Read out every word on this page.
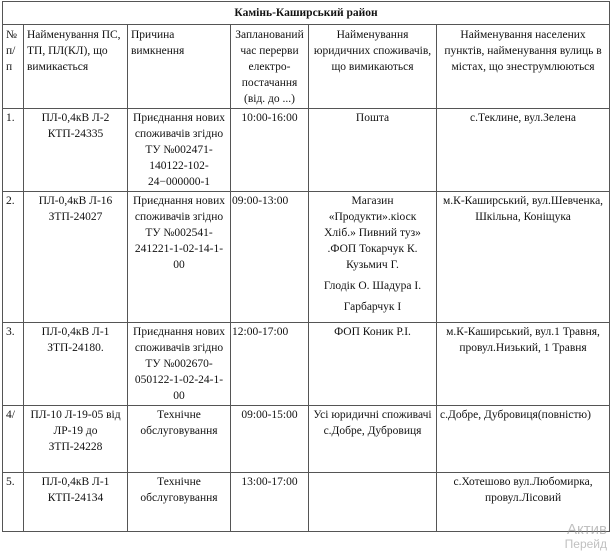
Камінь-Каширський район					
№ п/п	Найменування ПС, ТП, ПЛ(КЛ), що вимикається	Причина вимкнення	Запланований час перерви електро-постачання (від. до ...)	Найменування юридичних споживачів, що вимикаються	Найменування населених пунктів, найменування вулиць в містах, що знеструмлюються
1.	ПЛ-0,4кВ Л-2 КТП-24335	Приєднання нових споживачів згідно ТУ №002471-140122-102-24−000000-1	10:00-16:00	Пошта	с.Теклине, вул.Зелена
2.	ПЛ-0,4кВ Л-16 ЗТП-24027	Приєднання нових споживачів згідно ТУ №002541-241221-1-02-14-1-00	09:00-13:00	Магазин «Продукти».кіоск Хліб.» Пивний туз» .ФОП Токарчук К. Кузьмич Г.
Глодік О. Шадура І.
Гарбарчук І	м.К-Каширський, вул.Шевченка, Шкільна, Коніщука
3.	ПЛ-0,4кВ Л-1 ЗТП-24180.	Приєднання нових споживачів згідно ТУ №002670-050122-1-02-24-1-00	12:00-17:00	ФОП Коник Р.І.	м.К-Каширський, вул.1 Травня, провул.Низький, 1 Травня
4/	ПЛ-10 Л-19-05 від ЛР-19 до ЗТП-24228	Технічне обслуговування	09:00-15:00	Усі юридичні споживачі с.Добре, Дубровиця	с.Добре, Дубровиця(повністю)
5.	ПЛ-0,4кВ Л-1 КТП-24134	Технічне обслуговування	13:00-17:00		с.Хотешово вул.Любомирка, провул.Лісовий
Актив
Перейд
